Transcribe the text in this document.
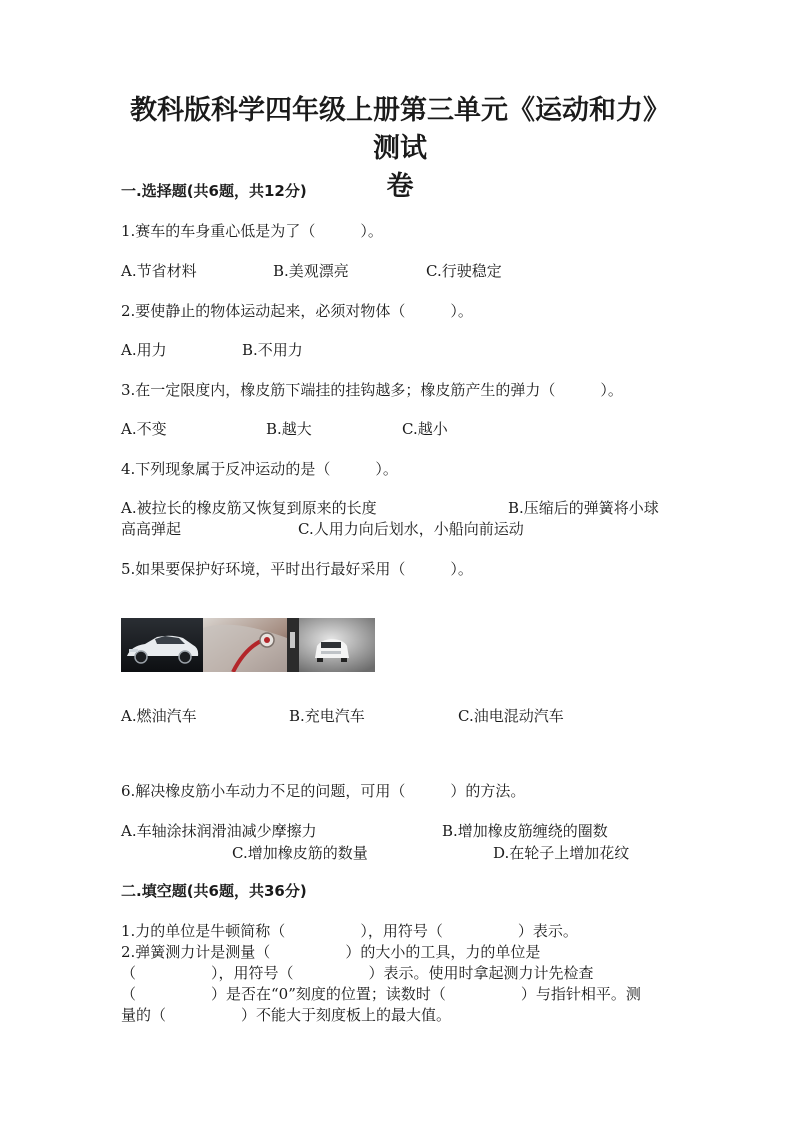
教科版科学四年级上册第三单元《运动和力》测试
卷
一.选择题(共6题，共12分)
1.赛车的车身重心低是为了（　　　）。
A.节省材料	B.美观漂亮	C.行驶稳定
2.要使静止的物体运动起来，必须对物体（　　　）。
A.用力	B.不用力
3.在一定限度内，橡皮筋下端挂的挂钩越多；橡皮筋产生的弹力（　　　）。
A.不变	B.越大	C.越小
4.下列现象属于反冲运动的是（　　　）。
A.被拉长的橡皮筋又恢复到原来的长度	B.压缩后的弹簧将小球
高高弹起	C.人用力向后划水，小船向前运动
5.如果要保护好环境，平时出行最好采用（　　　）。
A.燃油汽车	B.充电汽车	C.油电混动汽车
6.解决橡皮筋小车动力不足的问题，可用（　　　）的方法。
A.车轴涂抹润滑油减少摩擦力	B.增加橡皮筋缠绕的圈数
C.增加橡皮筋的数量	D.在轮子上增加花纹
二.填空题(共6题，共36分)
1.力的单位是牛顿简称（　　　　　），用符号（　　　　　）表示。
2.弹簧测力计是测量（　　　　　）的大小的工具，力的单位是
（　　　　　），用符号（　　　　　）表示。使用时拿起测力计先检查
（　　　　　）是否在“0”刻度的位置；读数时（　　　　　）与指针相平。测
量的（　　　　　）不能大于刻度板上的最大值。
